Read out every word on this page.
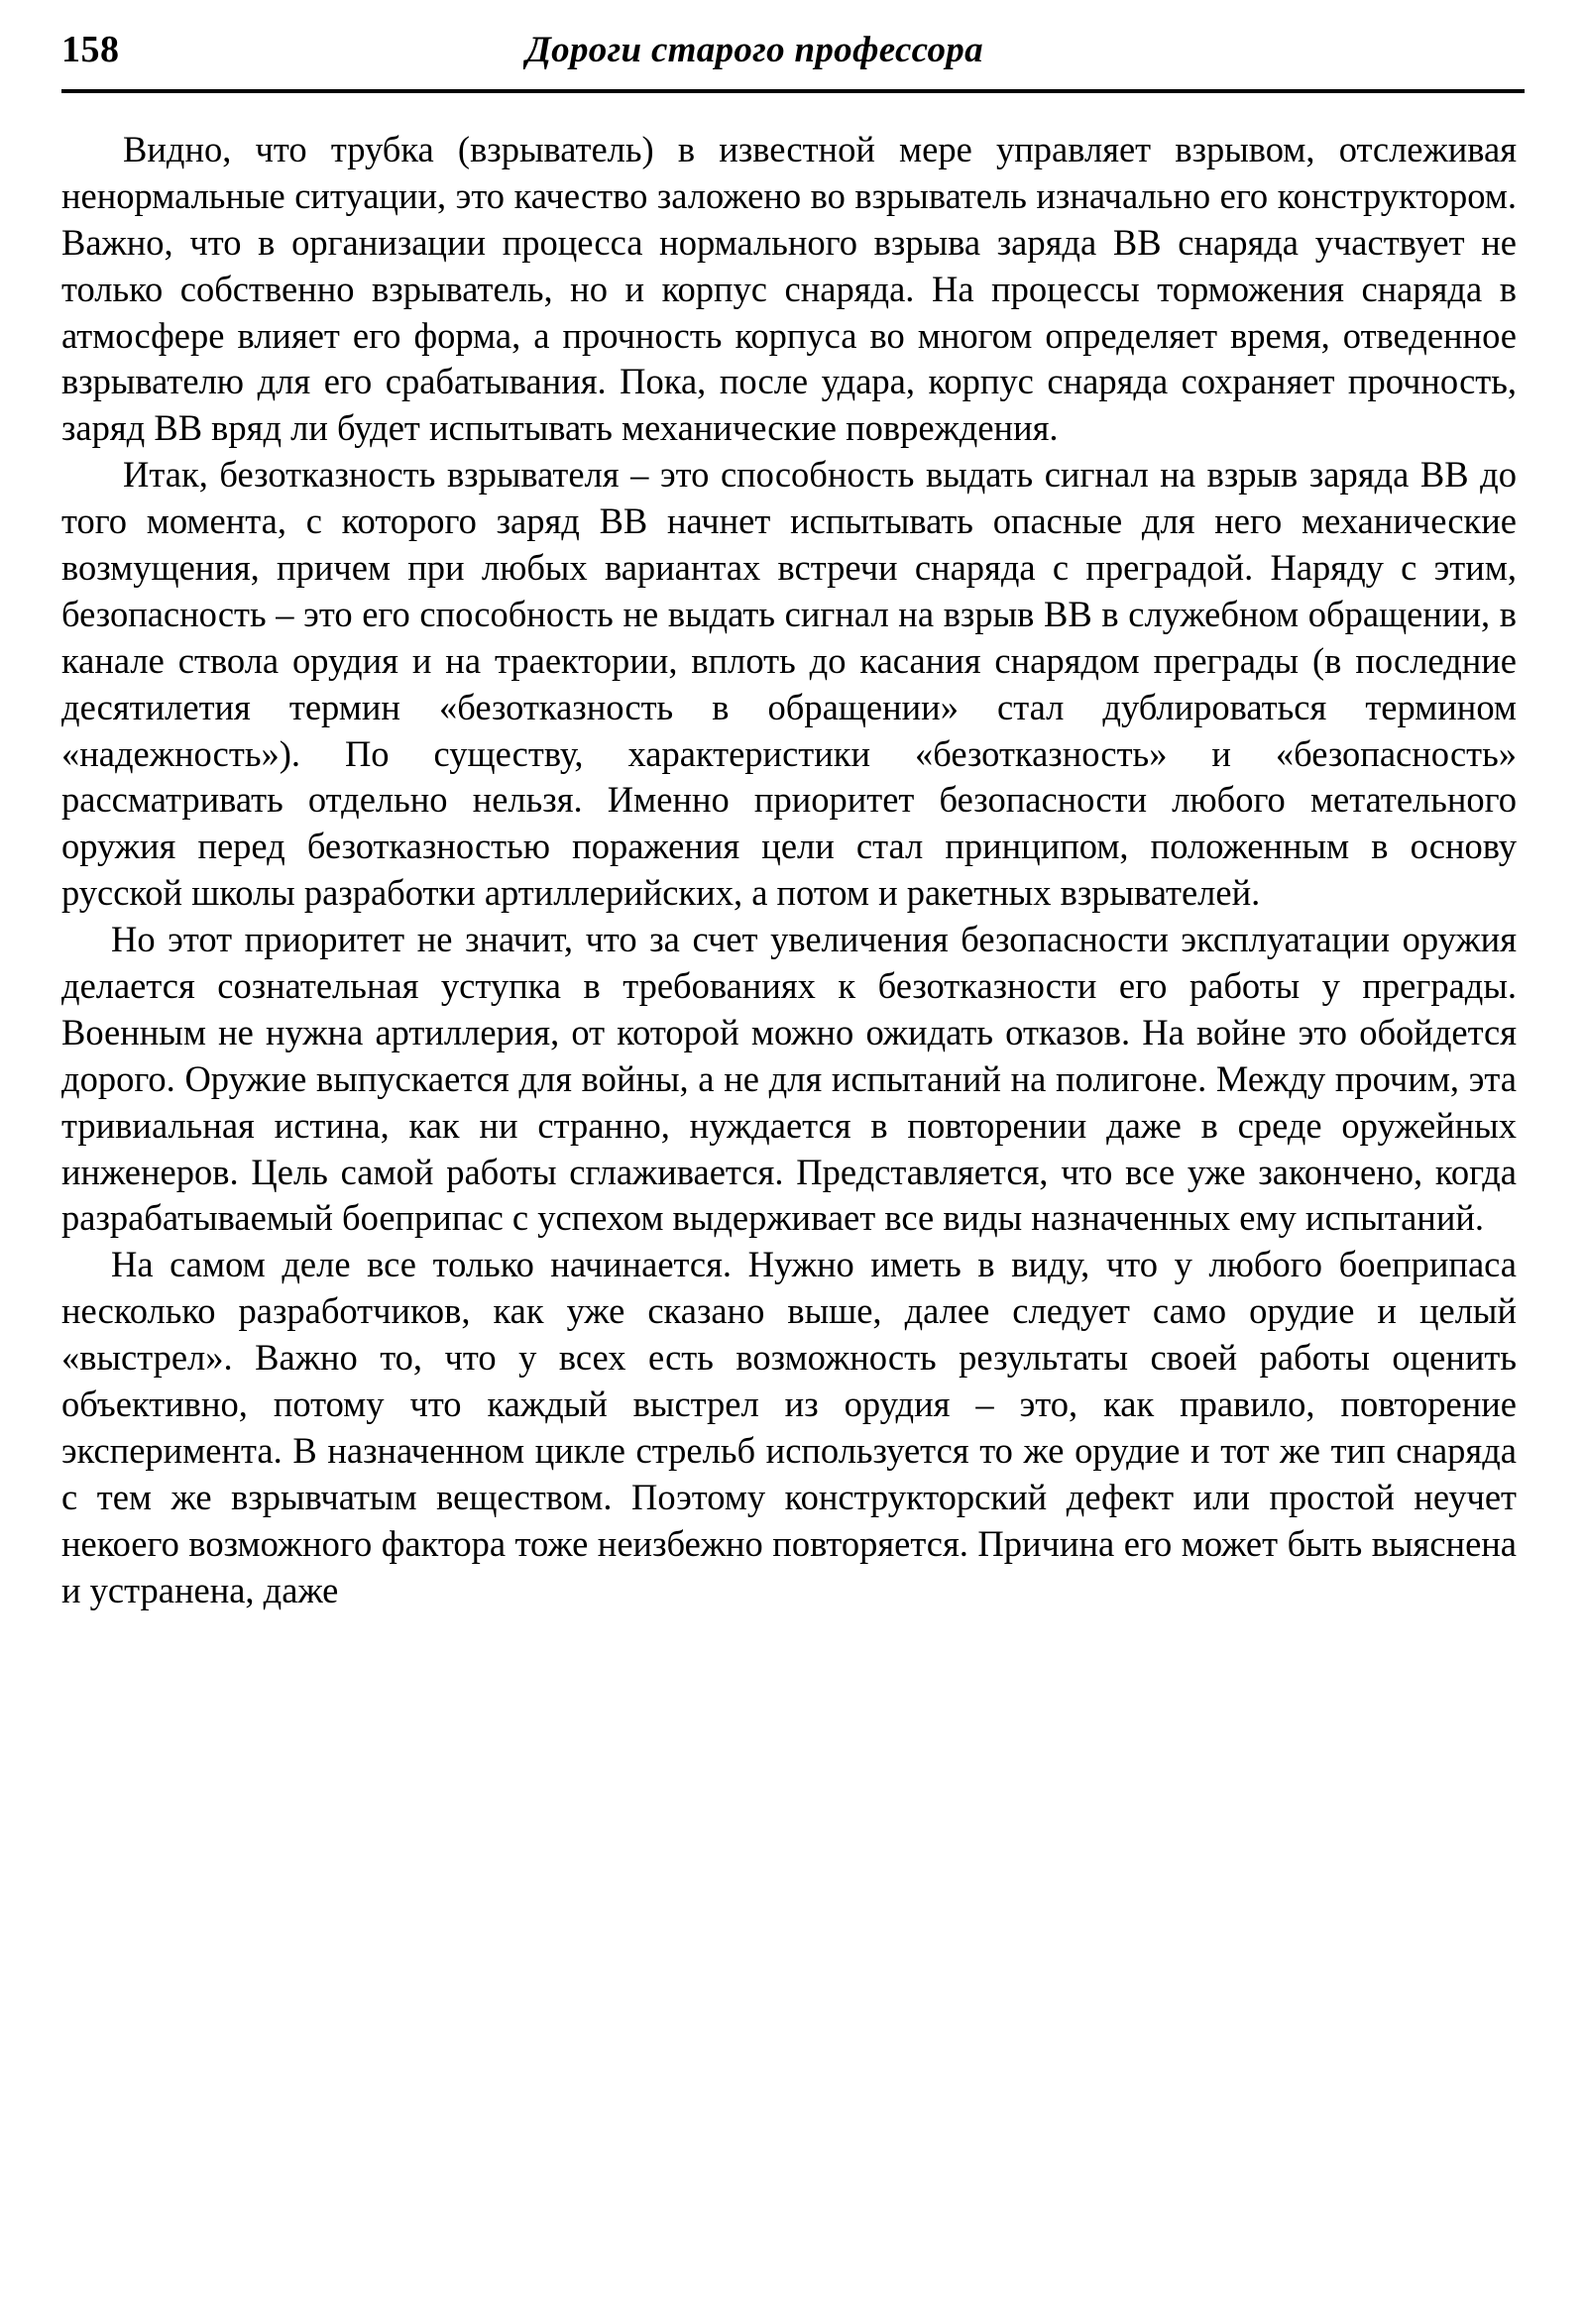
158	Дороги старого профессора

Видно, что трубка (взрыватель) в известной мере управляет взрывом, отслеживая ненормальные ситуации, это качество заложено во взрыватель изначально его конструктором. Важно, что в организации процесса нормального взрыва заряда ВВ снаряда участвует не только собственно взрыватель, но и корпус снаряда. На процессы торможения снаряда в атмосфере влияет его форма, а прочность корпуса во многом определяет время, отведенное взрывателю для его срабатывания. Пока, после удара, корпус снаряда сохраняет прочность, заряд ВВ вряд ли будет испытывать механические повреждения.

Итак, безотказность взрывателя – это способность выдать сигнал на взрыв заряда ВВ до того момента, с которого заряд ВВ начнет испытывать опасные для него механические возмущения, причем при любых вариантах встречи снаряда с преградой. Наряду с этим, безопасность – это его способность не выдать сигнал на взрыв ВВ в служебном обращении, в канале ствола орудия и на траектории, вплоть до касания снарядом преграды (в последние десятилетия термин «безотказность в обращении» стал дублироваться термином «надежность»). По существу, характеристики «безотказность» и «безопасность» рассматривать отдельно нельзя. Именно приоритет безопасности любого метательного оружия перед безотказностью поражения цели стал принципом, положенным в основу русской школы разработки артиллерийских, а потом и ракетных взрывателей.

Но этот приоритет не значит, что за счет увеличения безопасности эксплуатации оружия делается сознательная уступка в требованиях к безотказности его работы у преграды. Военным не нужна артиллерия, от которой можно ожидать отказов. На войне это обойдется дорого. Оружие выпускается для войны, а не для испытаний на полигоне. Между прочим, эта тривиальная истина, как ни странно, нуждается в повторении даже в среде оружейных инженеров. Цель самой работы сглаживается. Представляется, что все уже закончено, когда разрабатываемый боеприпас с успехом выдерживает все виды назначенных ему испытаний.

На самом деле все только начинается. Нужно иметь в виду, что у любого боеприпаса несколько разработчиков, как уже сказано выше, далее следует само орудие и целый «выстрел». Важно то, что у всех есть возможность результаты своей работы оценить объективно, потому что каждый выстрел из орудия – это, как правило, повторение эксперимента. В назначенном цикле стрельб используется то же орудие и тот же тип снаряда с тем же взрывчатым веществом. Поэтому конструкторский дефект или простой неучет некоего возможного фактора тоже неизбежно повторяется. Причина его может быть выяснена и устранена, даже
